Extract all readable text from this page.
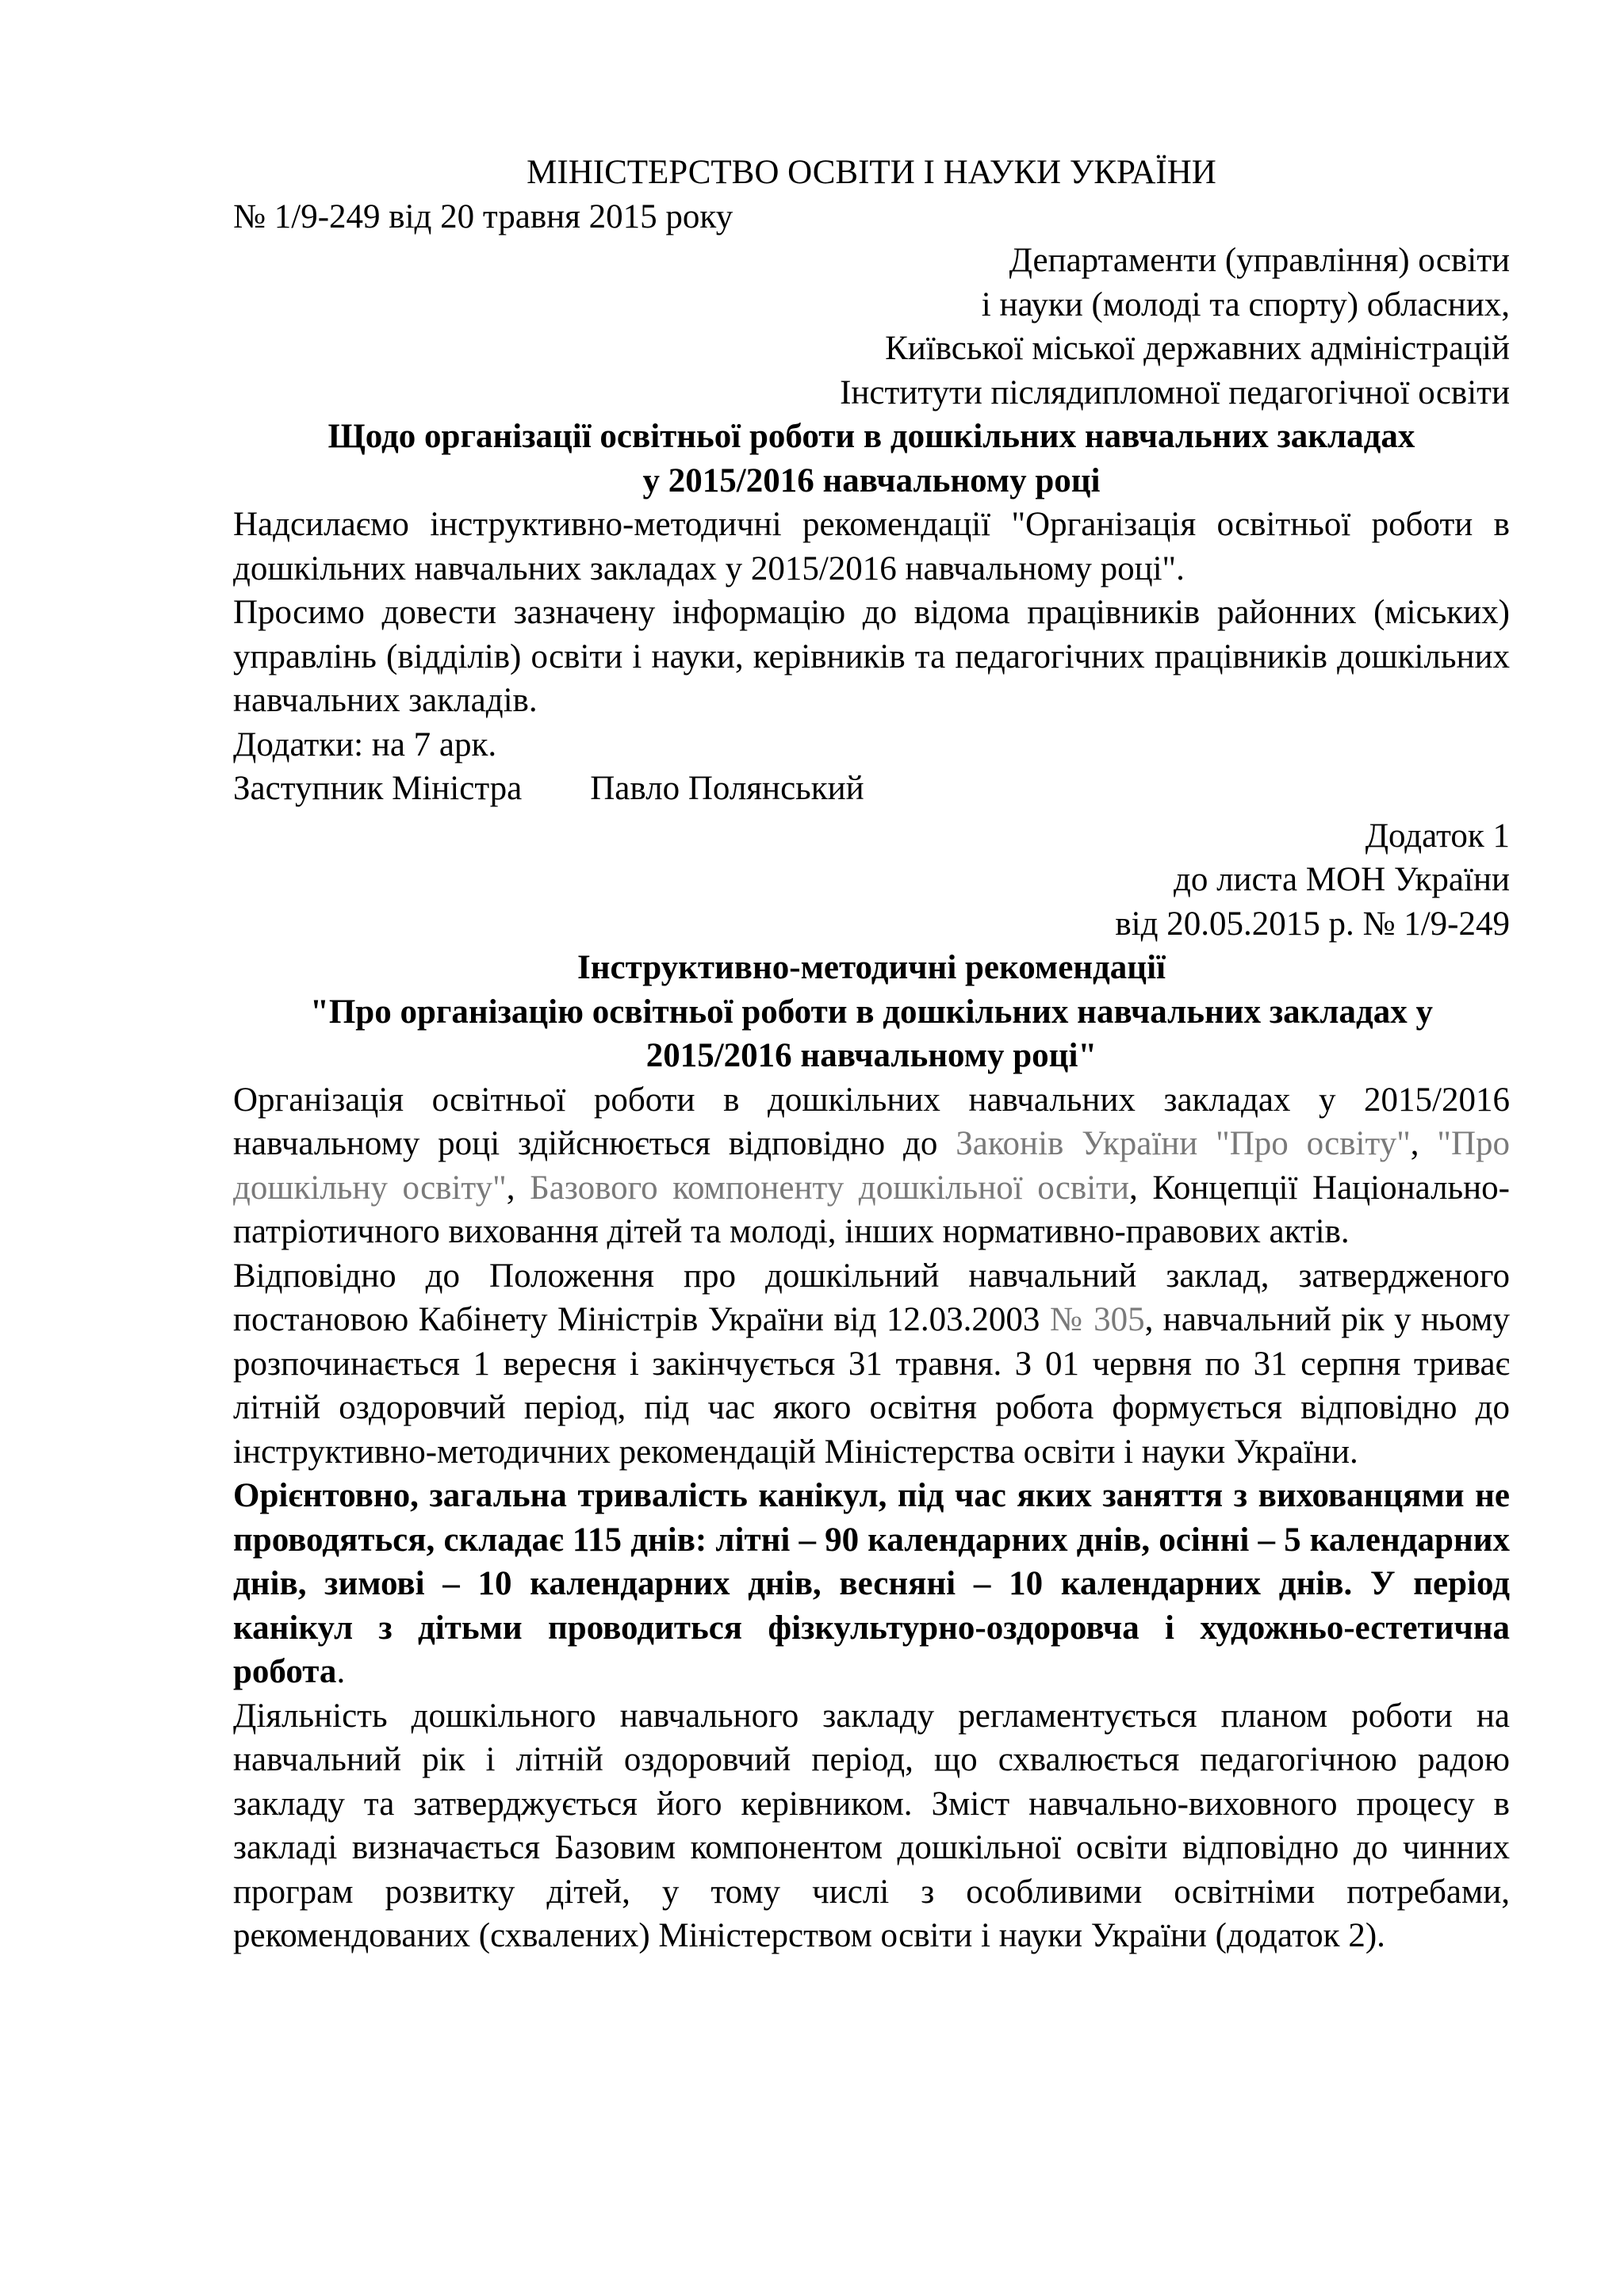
МІНІСТЕРСТВО ОСВІТИ І НАУКИ УКРАЇНИ
№ 1/9-249 від 20 травня 2015 року
Департаменти (управління) освіти
і науки (молоді та спорту) обласних,
Київської міської державних адміністрацій
Інститути післядипломної педагогічної освіти
Щодо організації освітньої роботи в дошкільних навчальних закладах
у 2015/2016 навчальному році
Надсилаємо інструктивно-методичні рекомендації "Організація освітньої роботи в дошкільних навчальних закладах у 2015/2016 навчальному році".
Просимо довести зазначену інформацію до відома працівників районних (міських) управлінь (відділів) освіти і науки, керівників та педагогічних працівників дошкільних навчальних закладів.
Додатки: на 7 арк.
Заступник Міністра Павло Полянський
Додаток 1
до листа МОН України
від 20.05.2015 р. № 1/9-249
Інструктивно-методичні рекомендації
"Про організацію освітньої роботи в дошкільних навчальних закладах у
2015/2016 навчальному році"
Організація освітньої роботи в дошкільних навчальних закладах у 2015/2016 навчальному році здійснюється відповідно до Законів України "Про освіту", "Про дошкільну освіту", Базового компоненту дошкільної освіти, Концепції Національно-патріотичного виховання дітей та молоді, інших нормативно-правових актів.
Відповідно до Положення про дошкільний навчальний заклад, затвердженого постановою Кабінету Міністрів України від 12.03.2003 № 305, навчальний рік у ньому розпочинається 1 вересня і закінчується 31 травня. З 01 червня по 31 серпня триває літній оздоровчий період, під час якого освітня робота формується відповідно до інструктивно-методичних рекомендацій Міністерства освіти і науки України.
Орієнтовно, загальна тривалість канікул, під час яких заняття з вихованцями не проводяться, складає 115 днів: літні – 90 календарних днів, осінні – 5 календарних днів, зимові – 10 календарних днів, весняні – 10 календарних днів. У період канікул з дітьми проводиться фізкультурно-оздоровча і художньо-естетична робота.
Діяльність дошкільного навчального закладу регламентується планом роботи на навчальний рік і літній оздоровчий період, що схвалюється педагогічною радою закладу та затверджується його керівником. Зміст навчально-виховного процесу в закладі визначається Базовим компонентом дошкільної освіти відповідно до чинних програм розвитку дітей, у тому числі з особливими освітніми потребами, рекомендованих (схвалених) Міністерством освіти і науки України (додаток 2).
